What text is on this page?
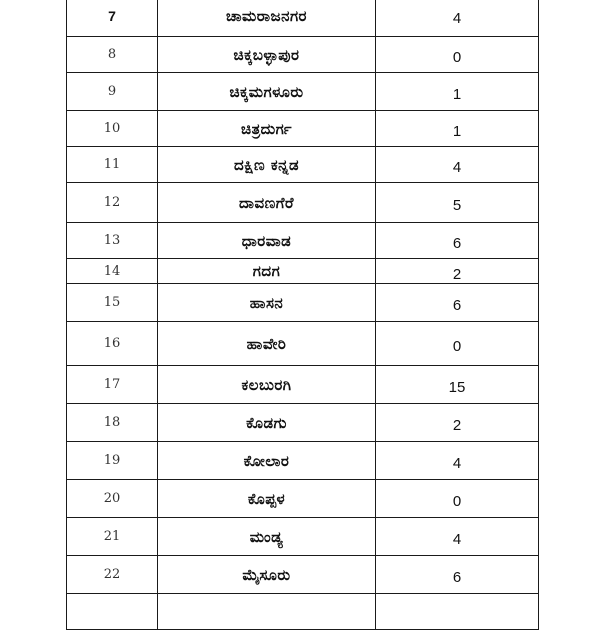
7	ಚಾಮರಾಜನಗರ	4
8	ಚಿಕ್ಕಬಳ್ಳಾಪುರ	0
9	ಚಿಕ್ಕಮಗಳೂರು	1
10	ಚಿತ್ರದುರ್ಗ	1
11	ದಕ್ಷಿಣ ಕನ್ನಡ	4
12	ದಾವಣಗೆರೆ	5
13	ಧಾರವಾಡ	6
14	ಗದಗ	2
15	ಹಾಸನ	6
16	ಹಾವೇರಿ	0
17	ಕಲಬುರಗಿ	15
18	ಕೊಡಗು	2
19	ಕೋಲಾರ	4
20	ಕೊಪ್ಪಳ	0
21	ಮಂಡ್ಯ	4
22	ಮೈಸೂರು	6
